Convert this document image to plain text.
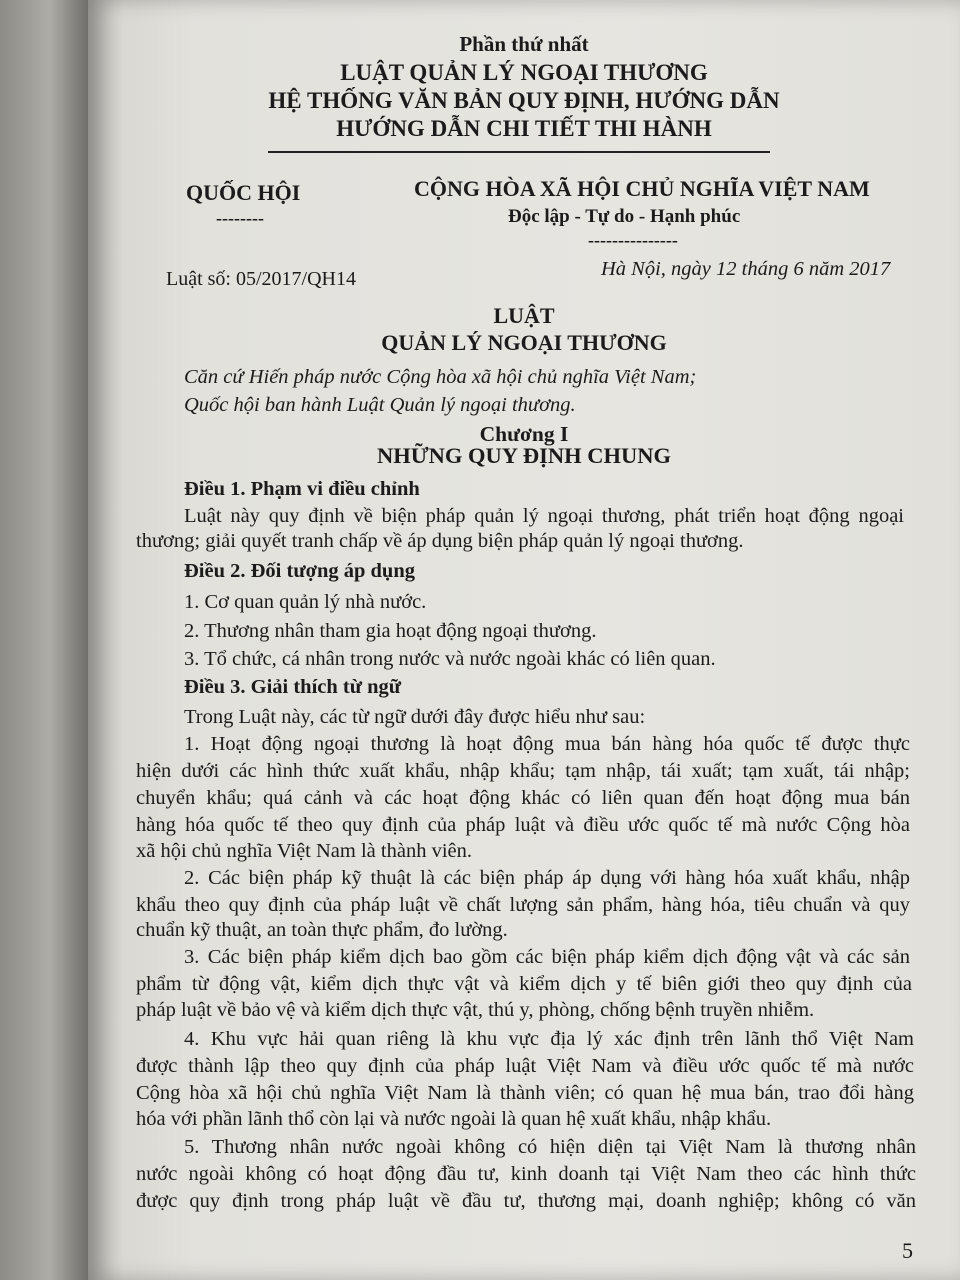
Phần thứ nhất
LUẬT QUẢN LÝ NGOẠI THƯƠNG
HỆ THỐNG VĂN BẢN QUY ĐỊNH, HƯỚNG DẪN
HƯỚNG DẪN CHI TIẾT THI HÀNH
QUỐC HỘI
--------
CỘNG HÒA XÃ HỘI CHỦ NGHĨA VIỆT NAM
Độc lập - Tự do - Hạnh phúc
---------------
Luật số: 05/2017/QH14	Hà Nội, ngày 12 tháng 6 năm 2017
LUẬT
QUẢN LÝ NGOẠI THƯƠNG
Căn cứ Hiến pháp nước Cộng hòa xã hội chủ nghĩa Việt Nam;
Quốc hội ban hành Luật Quản lý ngoại thương.
Chương I
NHỮNG QUY ĐỊNH CHUNG
Điều 1. Phạm vi điều chỉnh
Luật này quy định về biện pháp quản lý ngoại thương, phát triển hoạt động ngoại
thương; giải quyết tranh chấp về áp dụng biện pháp quản lý ngoại thương.
Điều 2. Đối tượng áp dụng
1. Cơ quan quản lý nhà nước.
2. Thương nhân tham gia hoạt động ngoại thương.
3. Tổ chức, cá nhân trong nước và nước ngoài khác có liên quan.
Điều 3. Giải thích từ ngữ
Trong Luật này, các từ ngữ dưới đây được hiểu như sau:
1. Hoạt động ngoại thương là hoạt động mua bán hàng hóa quốc tế được thực
hiện dưới các hình thức xuất khẩu, nhập khẩu; tạm nhập, tái xuất; tạm xuất, tái nhập;
chuyển khẩu; quá cảnh và các hoạt động khác có liên quan đến hoạt động mua bán
hàng hóa quốc tế theo quy định của pháp luật và điều ước quốc tế mà nước Cộng hòa
xã hội chủ nghĩa Việt Nam là thành viên.
2. Các biện pháp kỹ thuật là các biện pháp áp dụng với hàng hóa xuất khẩu, nhập
khẩu theo quy định của pháp luật về chất lượng sản phẩm, hàng hóa, tiêu chuẩn và quy
chuẩn kỹ thuật, an toàn thực phẩm, đo lường.
3. Các biện pháp kiểm dịch bao gồm các biện pháp kiểm dịch động vật và các sản
phẩm từ động vật, kiểm dịch thực vật và kiểm dịch y tế biên giới theo quy định của
pháp luật về bảo vệ và kiểm dịch thực vật, thú y, phòng, chống bệnh truyền nhiễm.
4. Khu vực hải quan riêng là khu vực địa lý xác định trên lãnh thổ Việt Nam
được thành lập theo quy định của pháp luật Việt Nam và điều ước quốc tế mà nước
Cộng hòa xã hội chủ nghĩa Việt Nam là thành viên; có quan hệ mua bán, trao đổi hàng
hóa với phần lãnh thổ còn lại và nước ngoài là quan hệ xuất khẩu, nhập khẩu.
5. Thương nhân nước ngoài không có hiện diện tại Việt Nam là thương nhân
nước ngoài không có hoạt động đầu tư, kinh doanh tại Việt Nam theo các hình thức
được quy định trong pháp luật về đầu tư, thương mại, doanh nghiệp; không có văn
5
